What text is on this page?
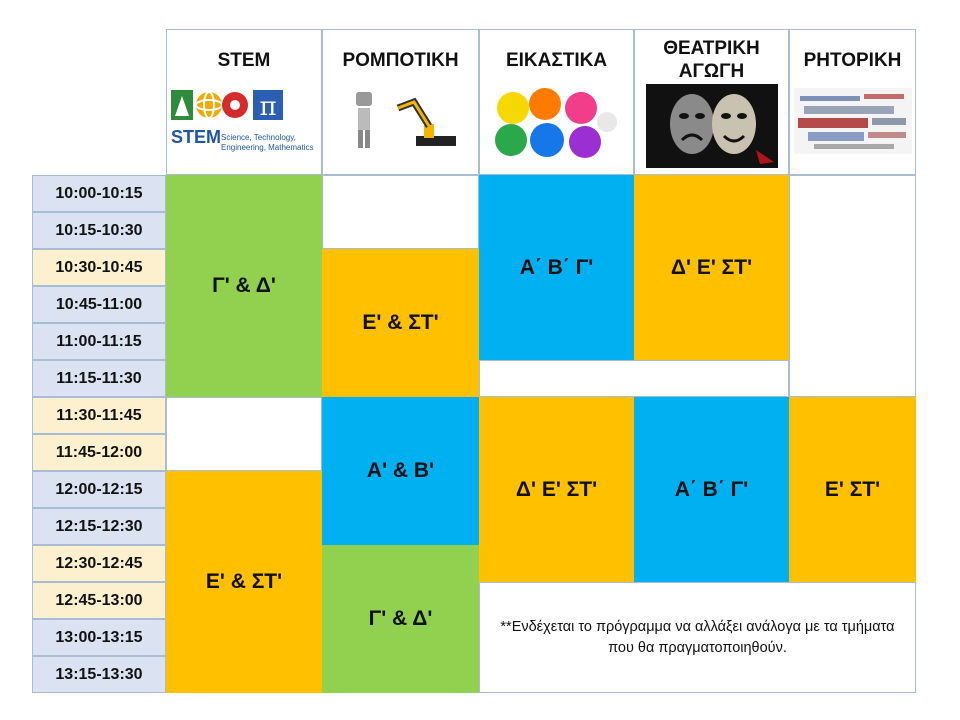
STEM
π
STEM Science, Technology, Engineering, Mathematics
ΡΟΜΠΟΤΙΚΗ ΕΙΚΑΣΤΙΚΑ
ΘΕΑΤΡΙΚΗ ΑΓΩΓΗ
ΡΗΤΟΡΙΚΗ
10:00-10:15
10:15-10:30
10:30-10:45
10:45-11:00
11:00-11:15
11:15-11:30
11:30-11:45
11:45-12:00
12:00-12:15
12:15-12:30
12:30-12:45
12:45-13:00
13:00-13:15
13:15-13:30
Γ' & Δ'
Ε' & ΣΤ'
Ε' & ΣΤ'
Α' & Β'
Γ' & Δ'
Α΄ Β΄ Γ'
Δ' Ε' ΣΤ'
Δ' Ε' ΣΤ'
Α΄ Β΄ Γ'	Ε' ΣΤ'
**Ενδέχεται το πρόγραμμα να αλλάξει ανάλογα με τα τμήματα που θα πραγματοποιηθούν.
